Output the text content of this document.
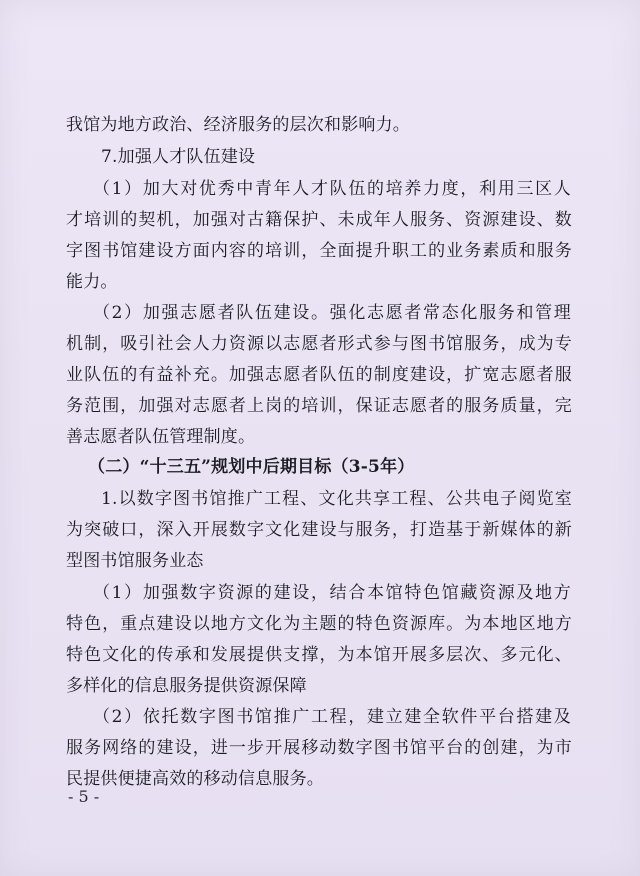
我馆为地方政治、经济服务的层次和影响力。
7.加强人才队伍建设
（1）加大对优秀中青年人才队伍的培养力度，利用三区人
才培训的契机，加强对古籍保护、未成年人服务、资源建设、数
字图书馆建设方面内容的培训，全面提升职工的业务素质和服务
能力。
（2）加强志愿者队伍建设。强化志愿者常态化服务和管理
机制，吸引社会人力资源以志愿者形式参与图书馆服务，成为专
业队伍的有益补充。加强志愿者队伍的制度建设，扩宽志愿者服
务范围，加强对志愿者上岗的培训，保证志愿者的服务质量，完
善志愿者队伍管理制度。
（二）“十三五”规划中后期目标（3-5年）
1.以数字图书馆推广工程、文化共享工程、公共电子阅览室
为突破口，深入开展数字文化建设与服务，打造基于新媒体的新
型图书馆服务业态
（1）加强数字资源的建设，结合本馆特色馆藏资源及地方
特色，重点建设以地方文化为主题的特色资源库。为本地区地方
特色文化的传承和发展提供支撑，为本馆开展多层次、多元化、
多样化的信息服务提供资源保障
（2）依托数字图书馆推广工程，建立建全软件平台搭建及
服务网络的建设，进一步开展移动数字图书馆平台的创建，为市
民提供便捷高效的移动信息服务。
- 5 -
